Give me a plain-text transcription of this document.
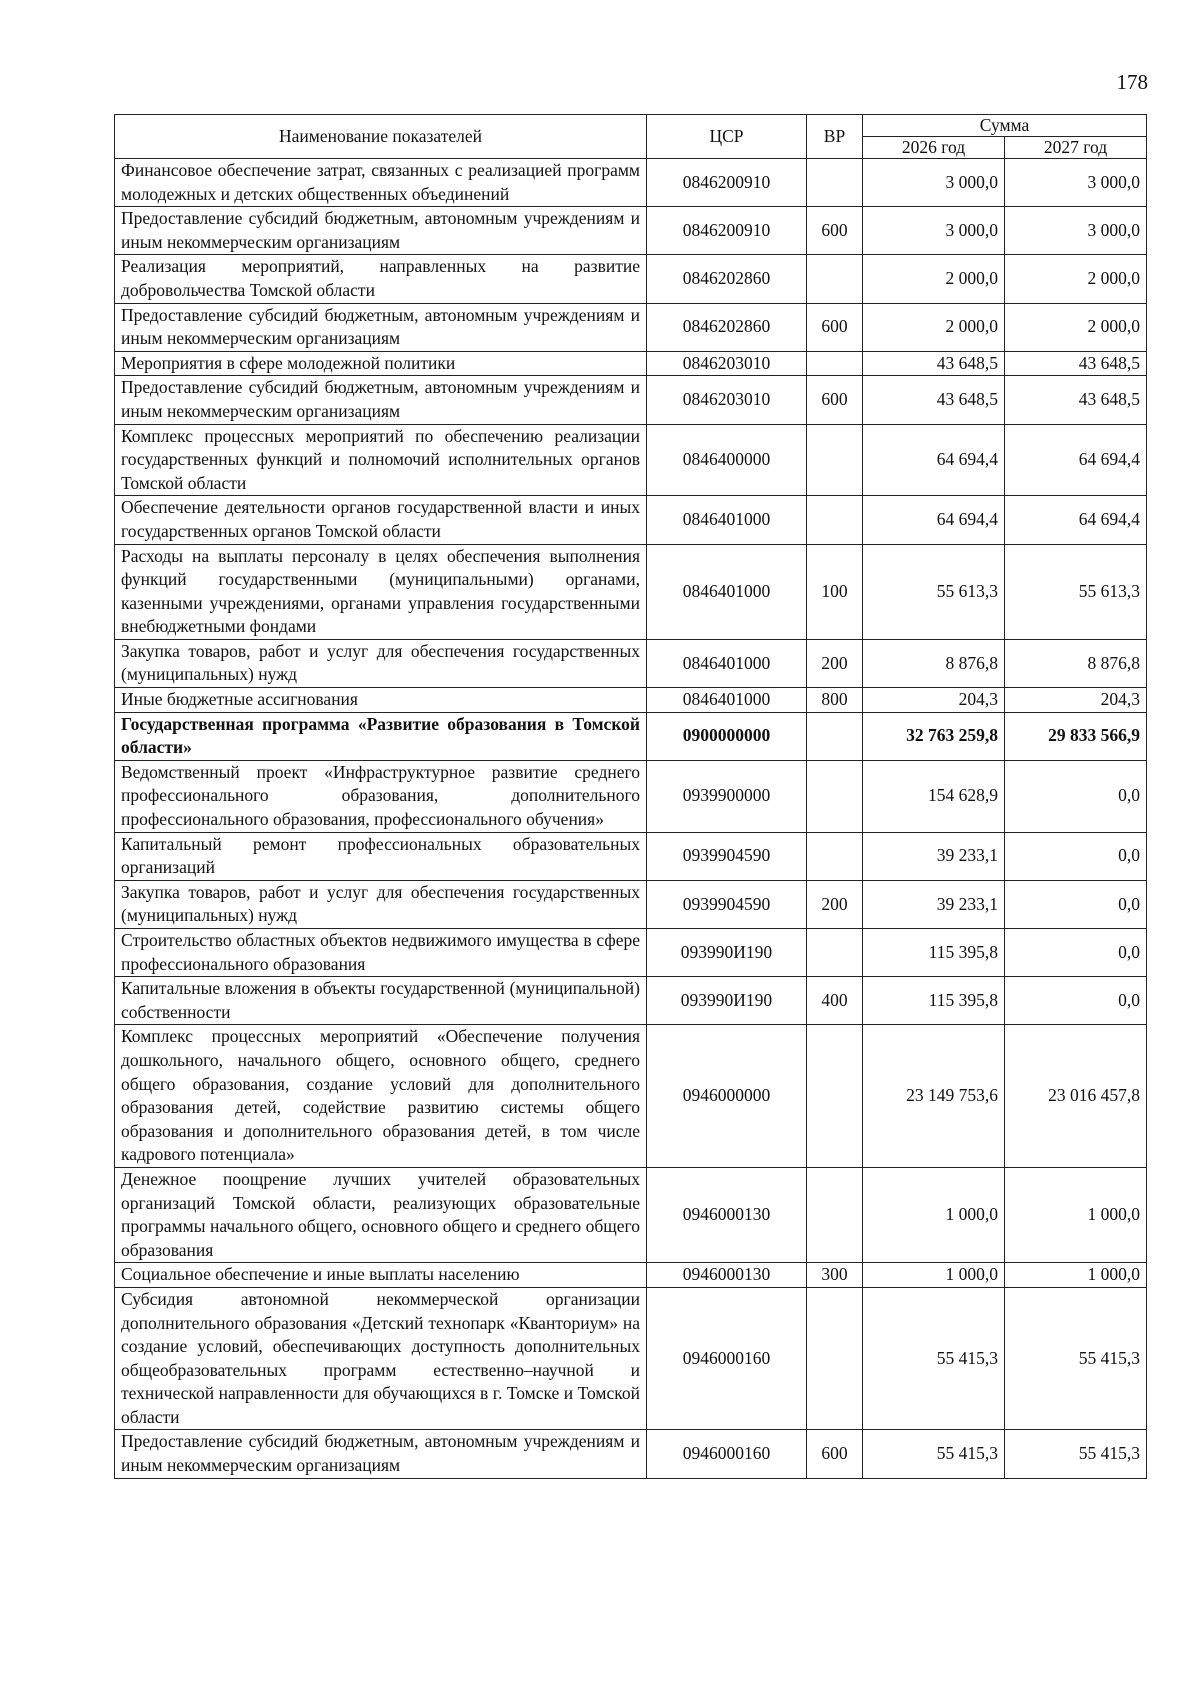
178
Наименование показателей	ЦСР	ВР	Сумма	
			2026 год	2027 год
Финансовое обеспечение затрат, связанных с реализацией программ молодежных и детских общественных объединений	0846200910		3 000,0	3 000,0
Предоставление субсидий бюджетным, автономным учреждениям и иным некоммерческим организациям	0846200910	600	3 000,0	3 000,0
Реализация мероприятий, направленных на развитие добровольчества Томской области	0846202860		2 000,0	2 000,0
Предоставление субсидий бюджетным, автономным учреждениям и иным некоммерческим организациям	0846202860	600	2 000,0	2 000,0
Мероприятия в сфере молодежной политики	0846203010		43 648,5	43 648,5
Предоставление субсидий бюджетным, автономным учреждениям и иным некоммерческим организациям	0846203010	600	43 648,5	43 648,5
Комплекс процессных мероприятий по обеспечению реализации государственных функций и полномочий исполнительных органов Томской области	0846400000		64 694,4	64 694,4
Обеспечение деятельности органов государственной власти и иных государственных органов Томской области	0846401000		64 694,4	64 694,4
Расходы на выплаты персоналу в целях обеспечения выполнения функций государственными (муниципальными) органами, казенными учреждениями, органами управления государственными внебюджетными фондами	0846401000	100	55 613,3	55 613,3
Закупка товаров, работ и услуг для обеспечения государственных (муниципальных) нужд	0846401000	200	8 876,8	8 876,8
Иные бюджетные ассигнования	0846401000	800	204,3	204,3
Государственная программа «Развитие образования в Томской области»	0900000000		32 763 259,8	29 833 566,9
Ведомственный проект «Инфраструктурное развитие среднего профессионального образования, дополнительного профессионального образования, профессионального обучения»	0939900000		154 628,9	0,0
Капитальный ремонт профессиональных образовательных организаций	0939904590		39 233,1	0,0
Закупка товаров, работ и услуг для обеспечения государственных (муниципальных) нужд	0939904590	200	39 233,1	0,0
Строительство областных объектов недвижимого имущества в сфере профессионального образования	093990И190		115 395,8	0,0
Капитальные вложения в объекты государственной (муниципальной) собственности	093990И190	400	115 395,8	0,0
Комплекс процессных мероприятий «Обеспечение получения дошкольного, начального общего, основного общего, среднего общего образования, создание условий для дополнительного образования детей, содействие развитию системы общего образования и дополнительного образования детей, в том числе кадрового потенциала»	0946000000		23 149 753,6	23 016 457,8
Денежное поощрение лучших учителей образовательных организаций Томской области, реализующих образовательные программы начального общего, основного общего и среднего общего образования	0946000130		1 000,0	1 000,0
Социальное обеспечение и иные выплаты населению	0946000130	300	1 000,0	1 000,0
Субсидия автономной некоммерческой организации дополнительного образования «Детский технопарк «Кванториум» на создание условий, обеспечивающих доступность дополнительных общеобразовательных программ естественно–научной и технической направленности для обучающихся в г. Томске и Томской области	0946000160		55 415,3	55 415,3
Предоставление субсидий бюджетным, автономным учреждениям и иным некоммерческим организациям	0946000160	600	55 415,3	55 415,3
